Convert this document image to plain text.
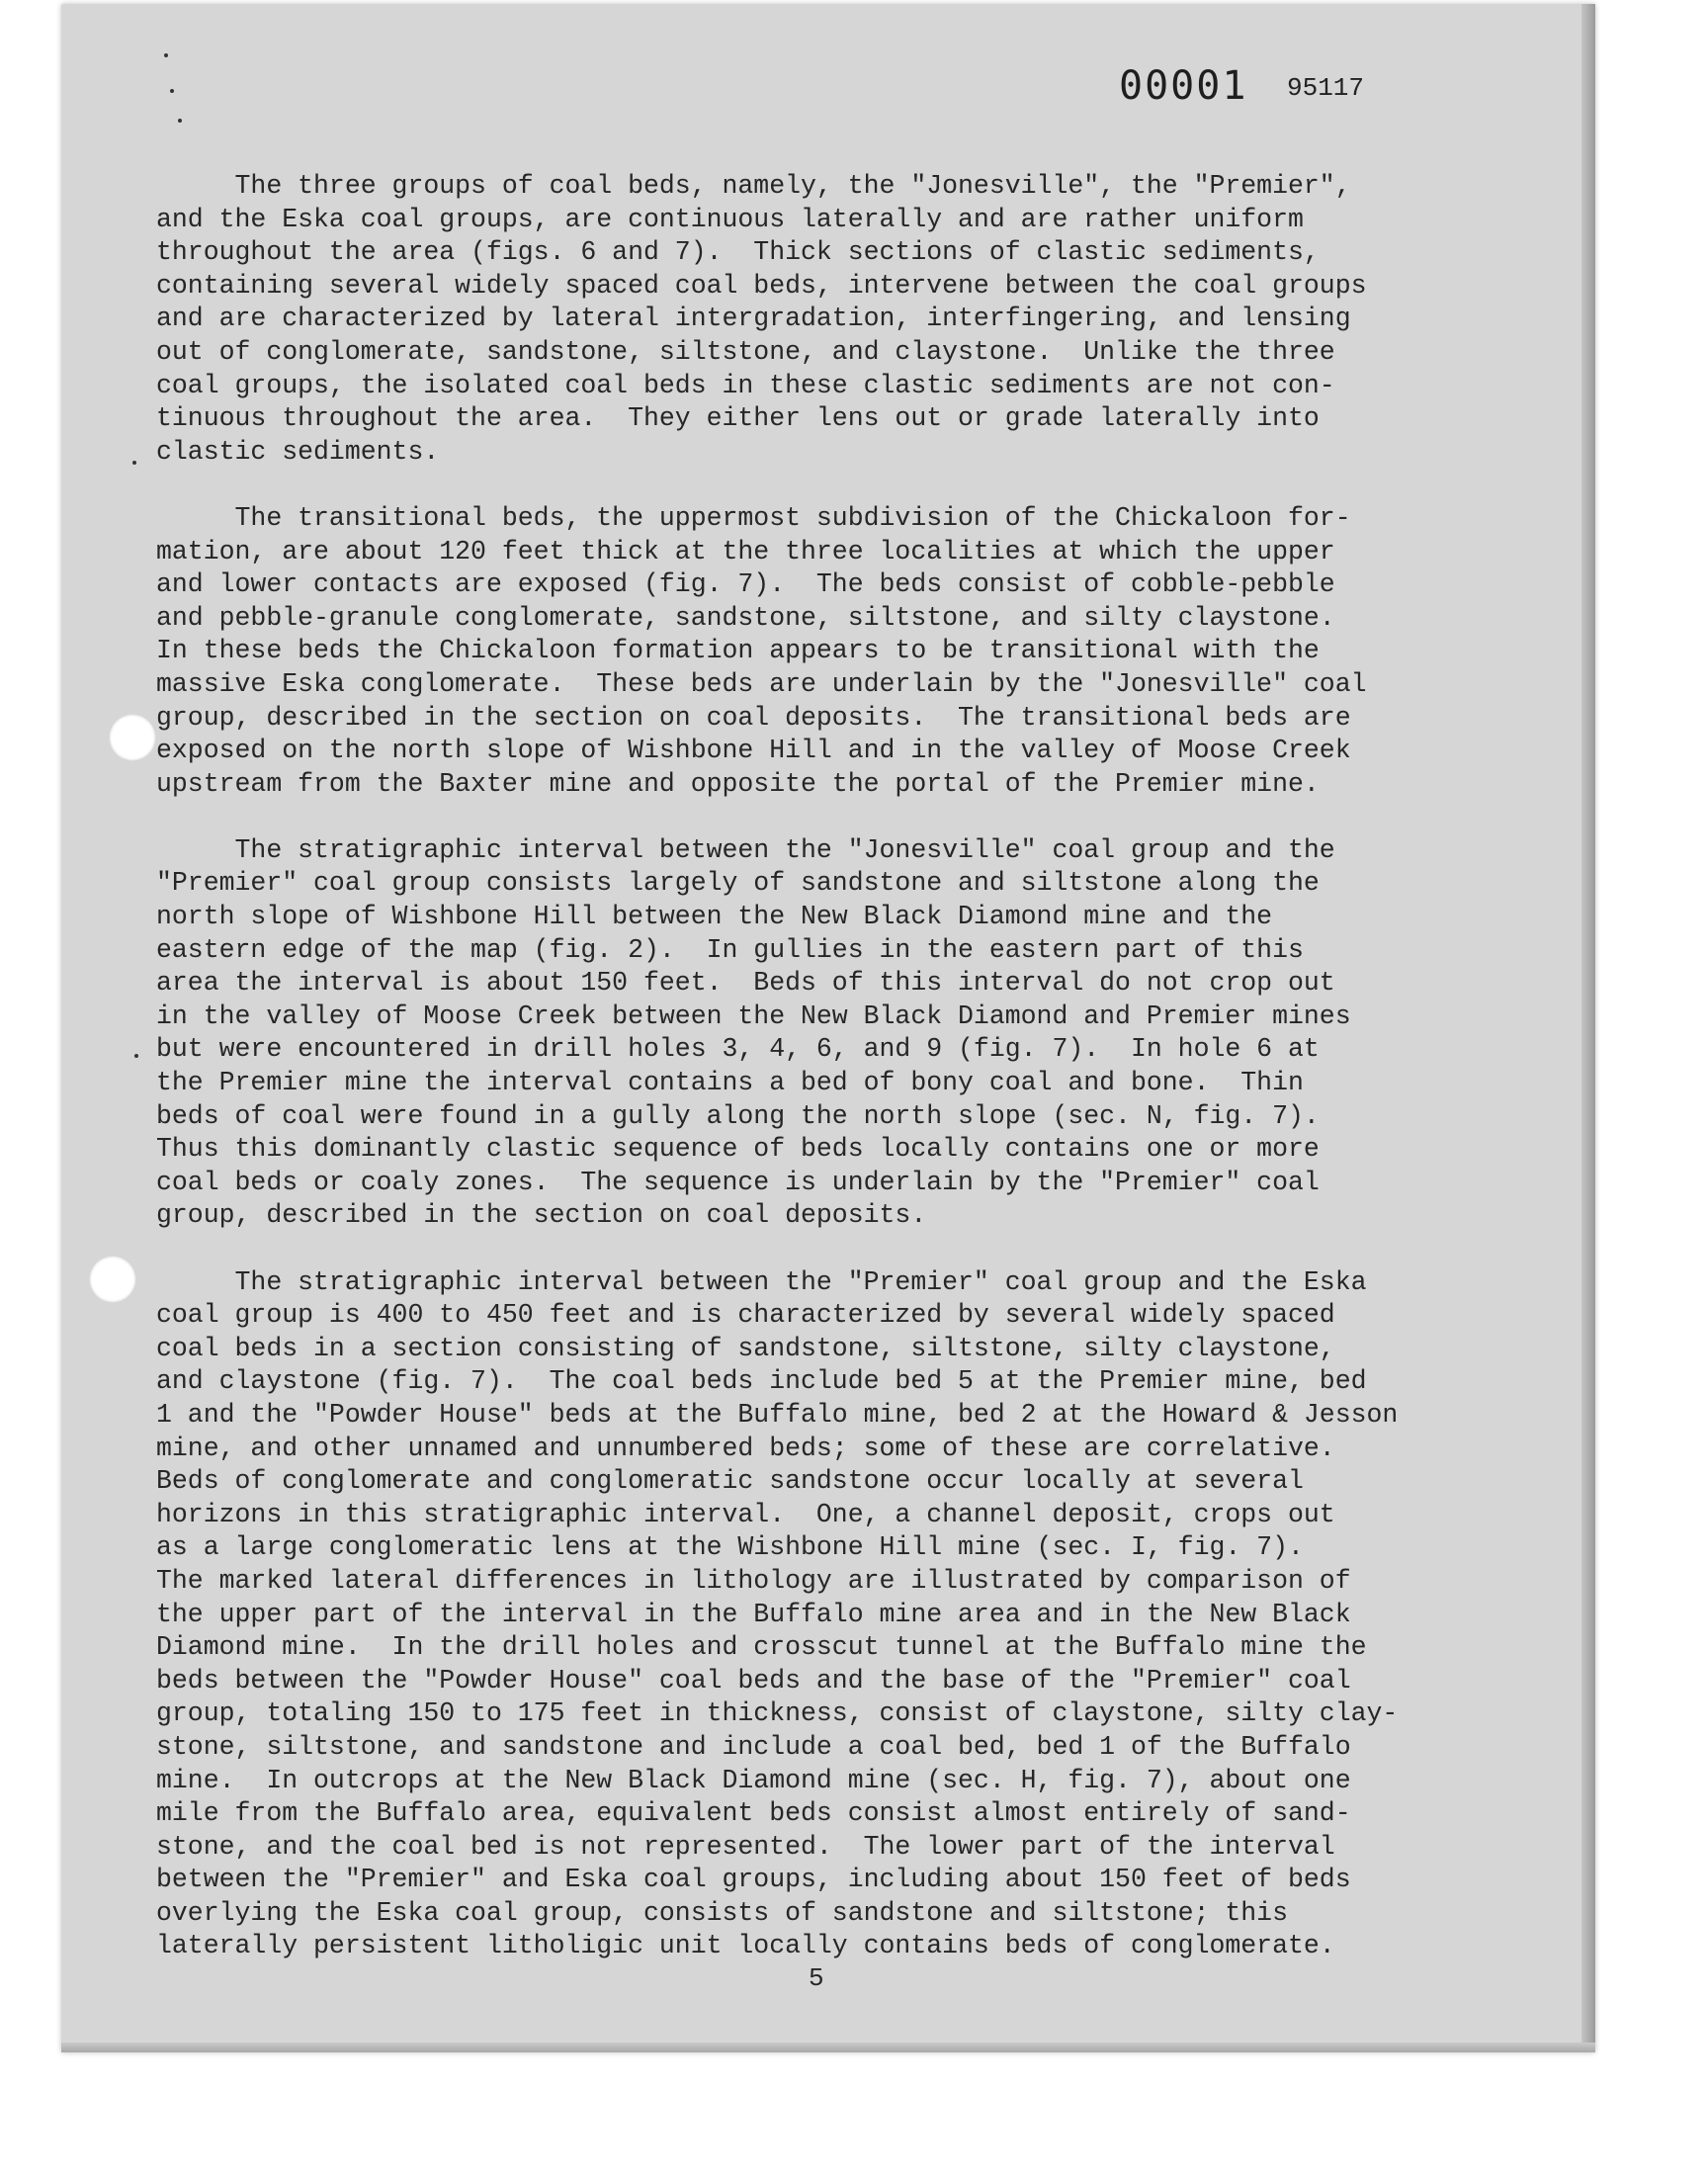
00001 95117

The three groups of coal beds, namely, the "Jonesville", the "Premier",
and the Eska coal groups, are continuous laterally and are rather uniform
throughout the area (figs. 6 and 7).  Thick sections of clastic sediments,
containing several widely spaced coal beds, intervene between the coal groups
and are characterized by lateral intergradation, interfingering, and lensing
out of conglomerate, sandstone, siltstone, and claystone.  Unlike the three
coal groups, the isolated coal beds in these clastic sediments are not con-
tinuous throughout the area.  They either lens out or grade laterally into
clastic sediments.

The transitional beds, the uppermost subdivision of the Chickaloon for-
mation, are about 120 feet thick at the three localities at which the upper
and lower contacts are exposed (fig. 7).  The beds consist of cobble-pebble
and pebble-granule conglomerate, sandstone, siltstone, and silty claystone.
In these beds the Chickaloon formation appears to be transitional with the
massive Eska conglomerate.  These beds are underlain by the "Jonesville" coal
group, described in the section on coal deposits.  The transitional beds are
exposed on the north slope of Wishbone Hill and in the valley of Moose Creek
upstream from the Baxter mine and opposite the portal of the Premier mine.

The stratigraphic interval between the "Jonesville" coal group and the
"Premier" coal group consists largely of sandstone and siltstone along the
north slope of Wishbone Hill between the New Black Diamond mine and the
eastern edge of the map (fig. 2).  In gullies in the eastern part of this
area the interval is about 150 feet.  Beds of this interval do not crop out
in the valley of Moose Creek between the New Black Diamond and Premier mines
but were encountered in drill holes 3, 4, 6, and 9 (fig. 7).  In hole 6 at
the Premier mine the interval contains a bed of bony coal and bone.  Thin
beds of coal were found in a gully along the north slope (sec. N, fig. 7).
Thus this dominantly clastic sequence of beds locally contains one or more
coal beds or coaly zones.  The sequence is underlain by the "Premier" coal
group, described in the section on coal deposits.

The stratigraphic interval between the "Premier" coal group and the Eska
coal group is 400 to 450 feet and is characterized by several widely spaced
coal beds in a section consisting of sandstone, siltstone, silty claystone,
and claystone (fig. 7).  The coal beds include bed 5 at the Premier mine, bed
1 and the "Powder House" beds at the Buffalo mine, bed 2 at the Howard & Jesson
mine, and other unnamed and unnumbered beds; some of these are correlative.
Beds of conglomerate and conglomeratic sandstone occur locally at several
horizons in this stratigraphic interval.  One, a channel deposit, crops out
as a large conglomeratic lens at the Wishbone Hill mine (sec. I, fig. 7).
The marked lateral differences in lithology are illustrated by comparison of
the upper part of the interval in the Buffalo mine area and in the New Black
Diamond mine.  In the drill holes and crosscut tunnel at the Buffalo mine the
beds between the "Powder House" coal beds and the base of the "Premier" coal
group, totaling 150 to 175 feet in thickness, consist of claystone, silty clay-
stone, siltstone, and sandstone and include a coal bed, bed 1 of the Buffalo
mine.  In outcrops at the New Black Diamond mine (sec. H, fig. 7), about one
mile from the Buffalo area, equivalent beds consist almost entirely of sand-
stone, and the coal bed is not represented.  The lower part of the interval
between the "Premier" and Eska coal groups, including about 150 feet of beds
overlying the Eska coal group, consists of sandstone and siltstone; this
laterally persistent litholigic unit locally contains beds of conglomerate.

5
